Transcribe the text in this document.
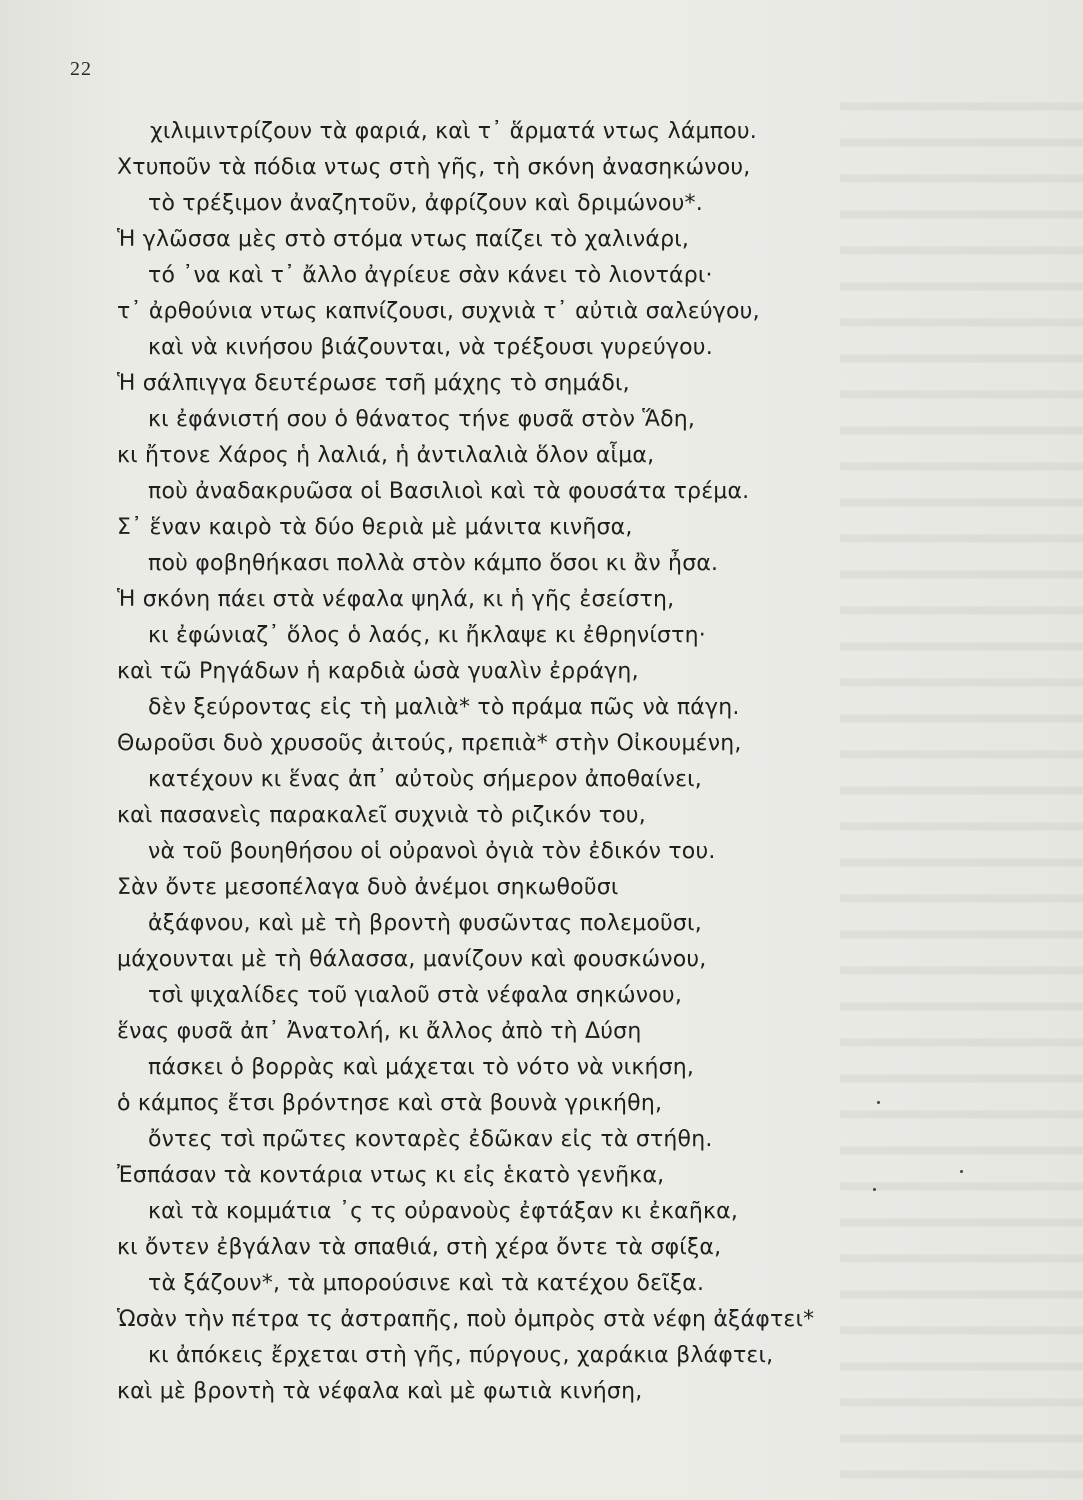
22
χιλιμιντρίζουν τὰ φαριά, καὶ τ᾿ ἅρματά ντως λάμπου.
Χτυποῦν τὰ πόδια ντως στὴ γῆς, τὴ σκόνη ἀνασηκώνου,
τὸ τρέξιμον ἀναζητοῦν, ἀφρίζουν καὶ δριμώνου*.
Ἡ γλῶσσα μὲς στὸ στόμα ντως παίζει τὸ χαλινάρι,
τό ᾿να καὶ τ᾿ ἄλλο ἀγρίευε σὰν κάνει τὸ λιοντάρι·
τ᾿ ἀρθούνια ντως καπνίζουσι, συχνιὰ τ᾿ αὐτιὰ σαλεύγου,
καὶ νὰ κινήσου βιάζουνται, νὰ τρέξουσι γυρεύγου.
Ἡ σάλπιγγα δευτέρωσε τσῆ μάχης τὸ σημάδι,
κι ἐφάνιστή σου ὁ θάνατος τήνε φυσᾶ στὸν Ἅδη,
κι ἤτονε Χάρος ἡ λαλιά, ἡ ἀντιλαλιὰ ὅλον αἷμα,
ποὺ ἀναδακρυῶσα οἱ Βασιλιοὶ καὶ τὰ φουσάτα τρέμα.
Σ᾿ ἕναν καιρὸ τὰ δύο θεριὰ μὲ μάνιτα κινῆσα,
ποὺ φοβηθήκασι πολλὰ στὸν κάμπο ὅσοι κι ἂν ἦσα.
Ἡ σκόνη πάει στὰ νέφαλα ψηλά, κι ἡ γῆς ἐσείστη,
κι ἐφώνιαζ᾿ ὅλος ὁ λαός, κι ἤκλαψε κι ἐθρηνίστη·
καὶ τῶ Ρηγάδων ἡ καρδιὰ ὡσὰ γυαλὶν ἐρράγη,
δὲν ξεύροντας εἰς τὴ μαλιὰ* τὸ πράμα πῶς νὰ πάγη.
Θωροῦσι δυὸ χρυσοῦς ἀιτούς, πρεπιὰ* στὴν Οἰκουμένη,
κατέχουν κι ἕνας ἀπ᾿ αὐτοὺς σήμερον ἀποθαίνει,
καὶ πασανεὶς παρακαλεῖ συχνιὰ τὸ ριζικόν του,
νὰ τοῦ βουηθήσου οἱ οὐρανοὶ ὀγιὰ τὸν ἐδικόν του.
Σὰν ὄντε μεσοπέλαγα δυὸ ἀνέμοι σηκωθοῦσι
ἀξάφνου, καὶ μὲ τὴ βροντὴ φυσῶντας πολεμοῦσι,
μάχουνται μὲ τὴ θάλασσα, μανίζουν καὶ φουσκώνου,
τσὶ ψιχαλίδες τοῦ γιαλοῦ στὰ νέφαλα σηκώνου,
ἕνας φυσᾶ ἀπ᾿ Ἀνατολή, κι ἄλλος ἀπὸ τὴ Δύση
πάσκει ὁ βορρὰς καὶ μάχεται τὸ νότο νὰ νικήση,
ὁ κάμπος ἔτσι βρόντησε καὶ στὰ βουνὰ γρικήθη,
ὄντες τσὶ πρῶτες κονταρὲς ἐδῶκαν εἰς τὰ στήθη.
Ἐσπάσαν τὰ κοντάρια ντως κι εἰς ἑκατὸ γενῆκα,
καὶ τὰ κομμάτια ᾿ς τς οὐρανοὺς ἐφτάξαν κι ἐκαῆκα,
κι ὄντεν ἐβγάλαν τὰ σπαθιά, στὴ χέρα ὄντε τὰ σφίξα,
τὰ ξάζουν*, τὰ μπορούσινε καὶ τὰ κατέχου δεῖξα.
Ὡσὰν τὴν πέτρα τς ἀστραπῆς, ποὺ ὀμπρὸς στὰ νέφη ἀξάφτει*
κι ἀπόκεις ἔρχεται στὴ γῆς, πύργους, χαράκια βλάφτει,
καὶ μὲ βροντὴ τὰ νέφαλα καὶ μὲ φωτιὰ κινήση,
